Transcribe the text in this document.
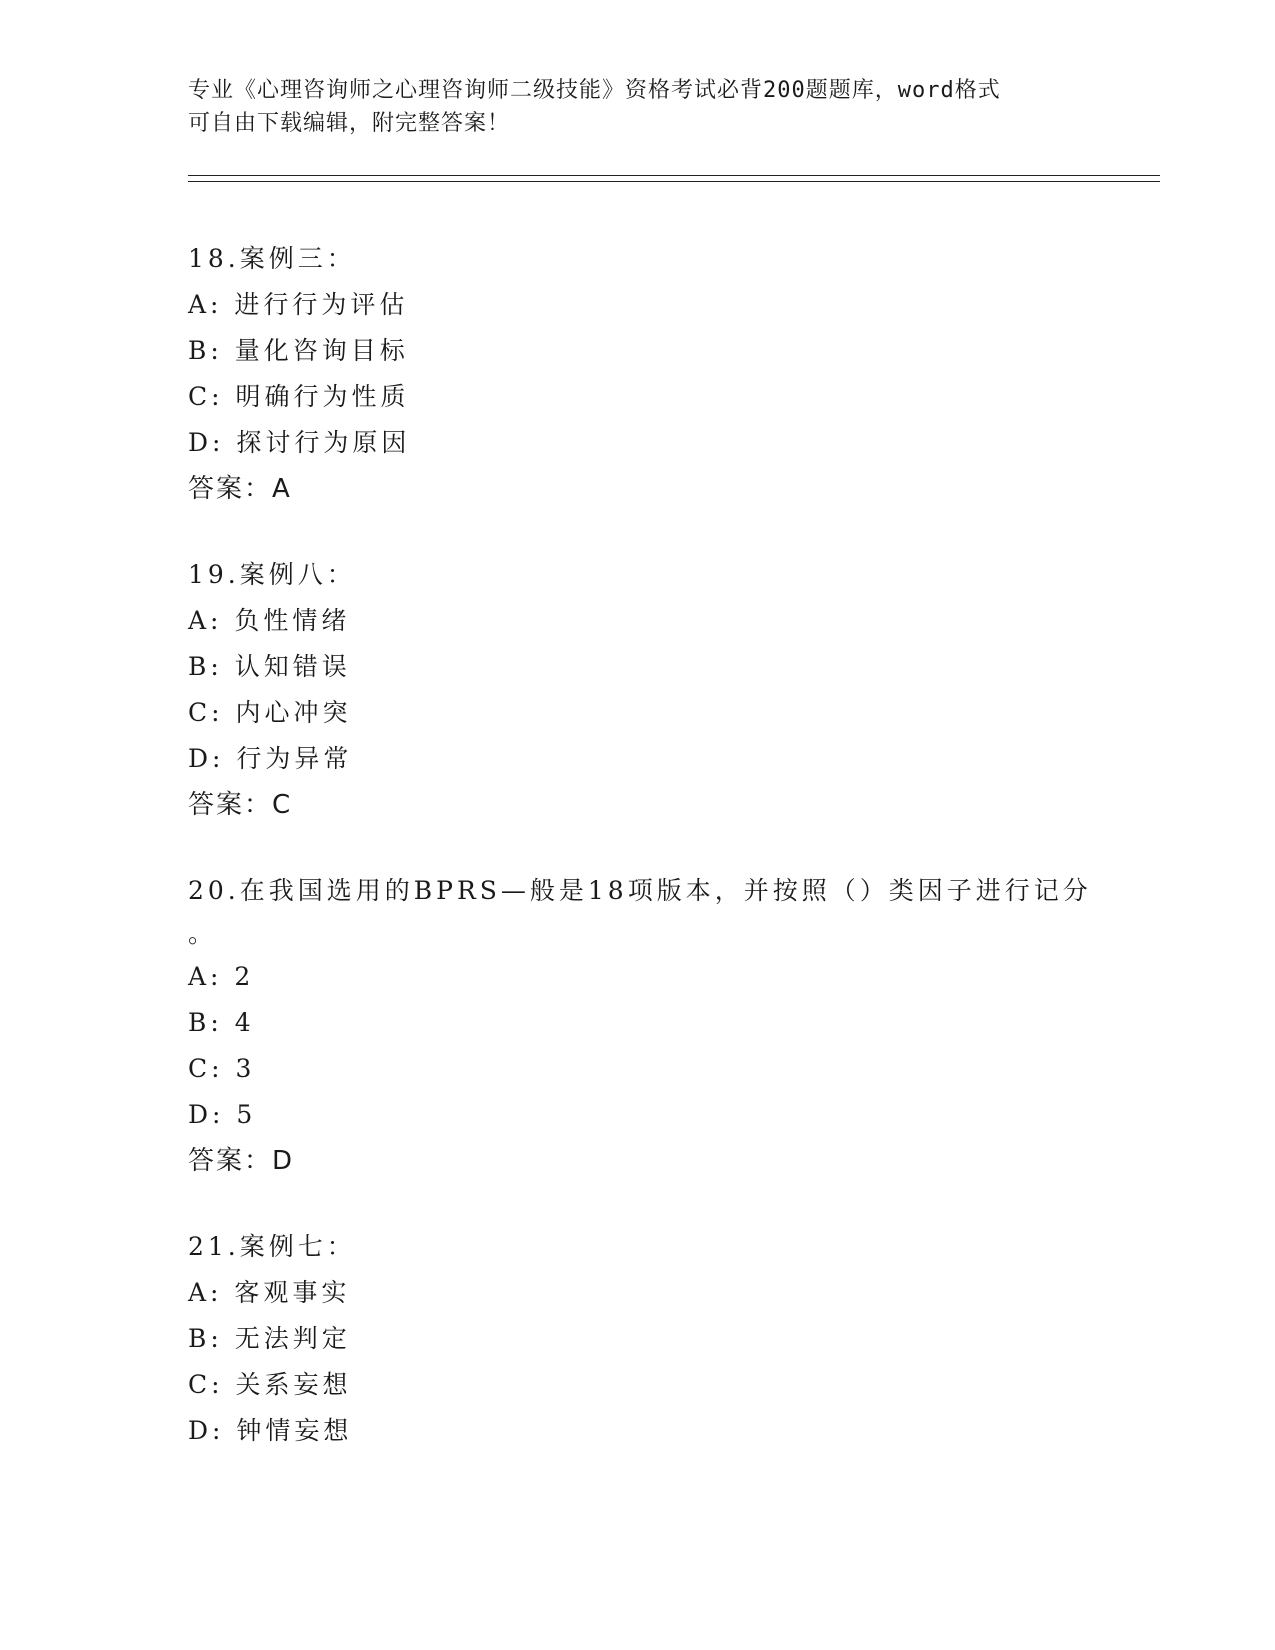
专业《心理咨询师之心理咨询师二级技能》资格考试必背200题题库，word格式
可自由下载编辑，附完整答案！
18.案例三：
A: 进行行为评估
B: 量化咨询目标
C: 明确行为性质
D: 探讨行为原因
答案：A
19.案例八：
A: 负性情绪
B: 认知错误
C: 内心冲突
D: 行为异常
答案：C
20.在我国选用的BPRS—般是18项版本，并按照（）类因子进行记分
。
A: 2
B: 4
C: 3
D: 5
答案：D
21.案例七：
A: 客观事实
B: 无法判定
C: 关系妄想
D: 钟情妄想
